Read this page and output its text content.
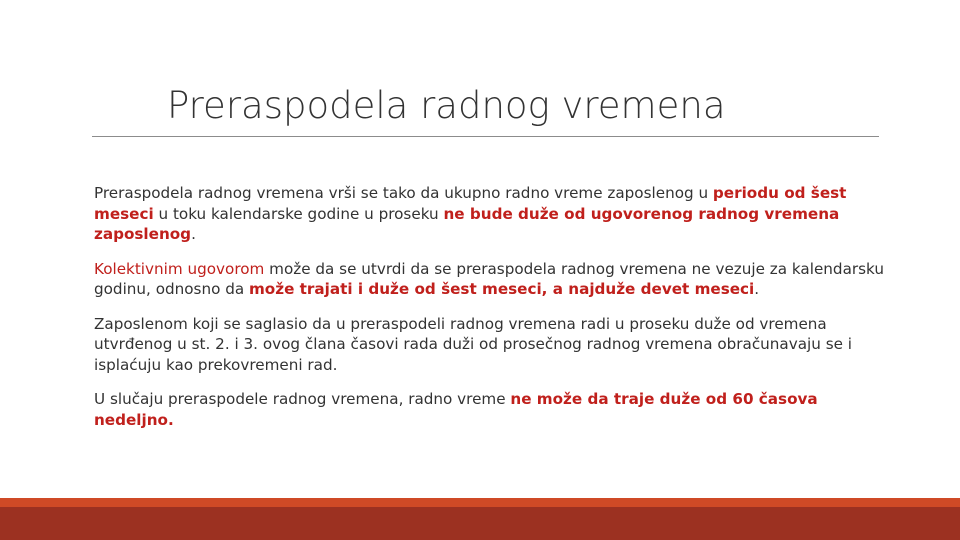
Preraspodela radnog vremena

Preraspodela radnog vremena vrši se tako da ukupno radno vreme zaposlenog u periodu od šest meseci u toku kalendarske godine u proseku ne bude duže od ugovorenog radnog vremena zaposlenog.

Kolektivnim ugovorom može da se utvrdi da se preraspodela radnog vremena ne vezuje za kalendarsku godinu, odnosno da može trajati i duže od šest meseci, a najduže devet meseci.

Zaposlenom koji se saglasio da u preraspodeli radnog vremena radi u proseku duže od vremena utvrđenog u st. 2. i 3. ovog člana časovi rada duži od prosečnog radnog vremena obračunavaju se i isplaćuju kao prekovremeni rad.

U slučaju preraspodele radnog vremena, radno vreme ne može da traje duže od 60 časova nedeljno.
